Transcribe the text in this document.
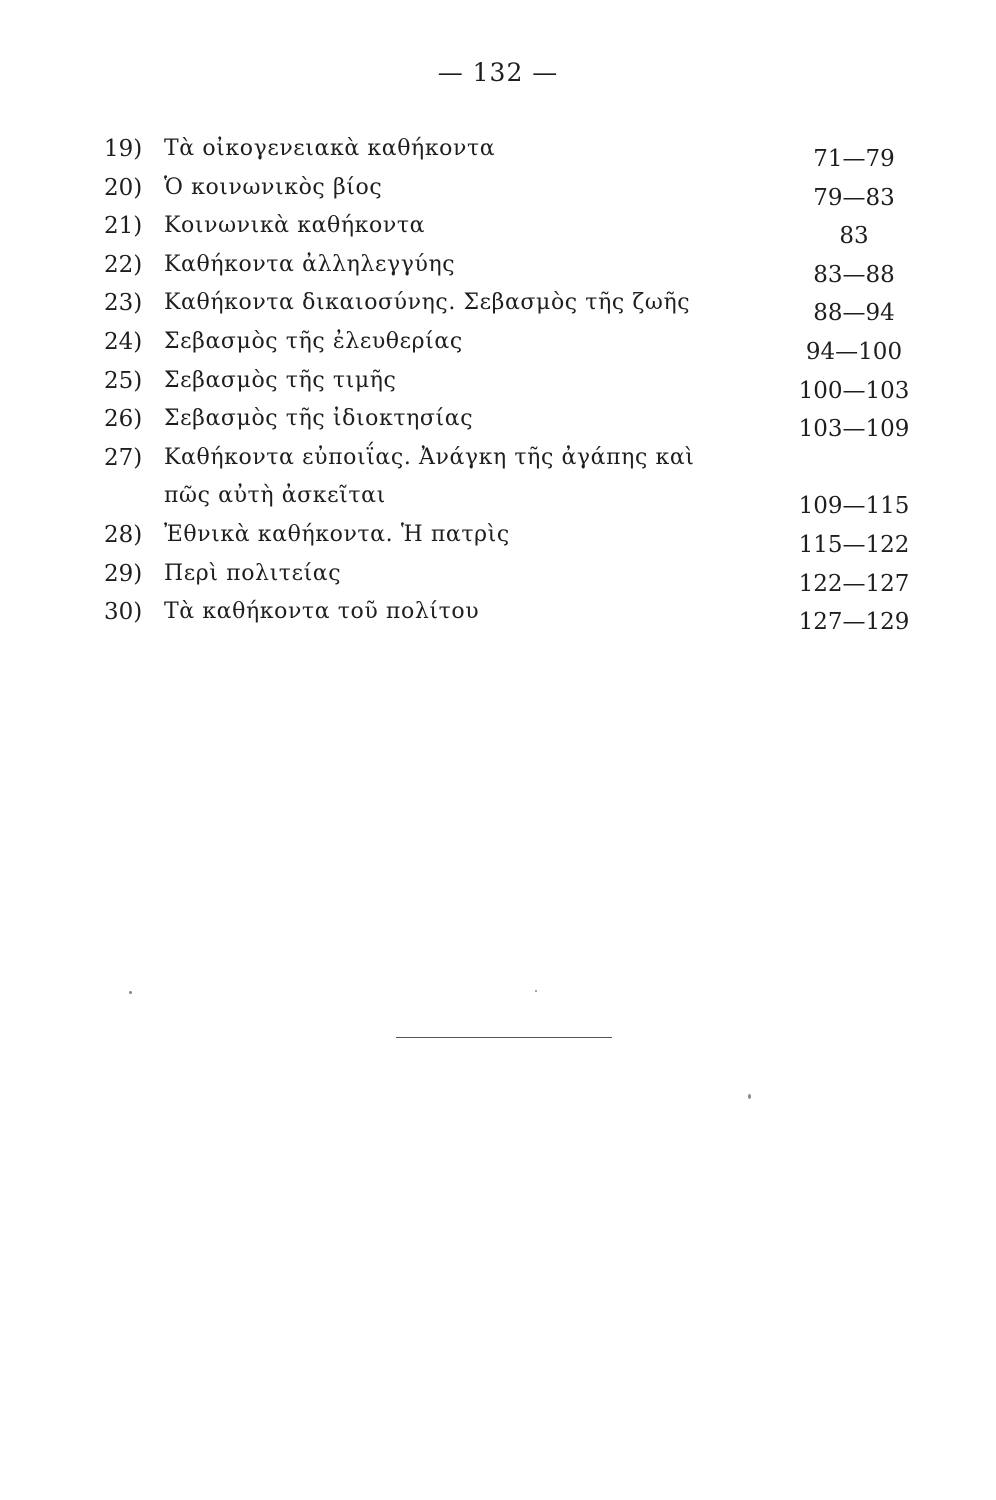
— 132 —
19) Τὰ οἰκογενειακὰ καθήκοντα	71—79
20) Ὁ κοινωνικὸς βίος	79—83
21) Κοινωνικὰ καθήκοντα	83
22) Καθήκοντα ἀλληλεγγύης	83—88
23) Καθήκοντα δικαιοσύνης. Σεβασμὸς τῆς ζωῆς	88—94
24) Σεβασμὸς τῆς ἐλευθερίας	94—100
25) Σεβασμὸς τῆς τιμῆς	100—103
26) Σεβασμὸς τῆς ἰδιοκτησίας	103—109
27) Καθήκοντα εὐποιΐας. Ἀνάγκη τῆς ἀγάπης καὶ
πῶς αὐτὴ ἀσκεῖται	109—115
28) Ἐθνικὰ καθήκοντα. Ἡ πατρὶς	115—122
29) Περὶ πολιτείας	122—127
30) Τὰ καθήκοντα τοῦ πολίτου	127—129
